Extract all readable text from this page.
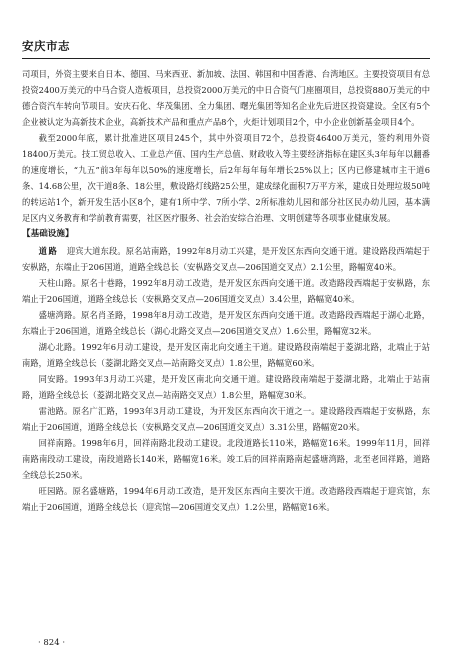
安庆市志

司项目，外资主要来自日本、德国、马来西亚、新加坡、法国、韩国和中国香港、台湾地区。主要投资项目有总投资2400万美元的中马合资人造板项目，总投资2000万美元的中日合资气门座圈项目，总投资880万美元的中德合资汽车转向节项目。安庆石化、华茂集团、全力集团、曙光集团等知名企业先后进区投资建设。全区有5个企业被认定为高新技术企业，高新技术产品和重点产品8个，火炬计划项目2个，中小企业创新基金项目4个。

截至2000年底，累计批准进区项目245个，其中外资项目72个，总投资46400万美元，签约利用外资18400万美元。技工贸总收入、工业总产值、国内生产总值、财政收入等主要经济指标在建区头3年每年以翻番的速度增长，“九五”前3年每年以50%的速度增长，后2年每年每年增长25%以上；区内已修建城市主干道6条、14.68公里，次干道8条、18公里，敷设路灯线路25公里，建成绿化面积7万平方米，建成日处理垃圾50吨的转运站1个，新开发生活小区8个，建有1所中学、7所小学、2所标准幼儿园和部分社区民办幼儿园，基本满足区内义务教育和学前教育需要，社区医疗服务、社会治安综合治理、文明创建等各项事业健康发展。

【基础设施】

道路　 迎宾大道东段。原名站南路，1992年8月动工兴建，是开发区东西向交通干道。建设路段西端起于安枞路，东端止于206国道，道路全线总长（安枞路交叉点—206国道交叉点）2.1公里，路幅宽40米。

天柱山路。原名十巷路，1992年8月动工改造，是开发区东西向交通干道。改造路段西端起于安枞路，东端止于206国道，道路全线总长（安枞路交叉点—206国道交叉点）3.4公里，路幅宽40米。

盛塘湾路。原名肖圣路，1998年8月动工改造，是开发区东西向交通干道。改造路段西端起于湖心北路，东端止于206国道，道路全线总长（湖心北路交叉点—206国道交叉点）1.6公里，路幅宽32米。

湖心北路。1992年6月动工建设，是开发区南北向交通主干道。建设路段南端起于菱湖北路，北端止于站南路，道路全线总长（菱湖北路交叉点—站南路交叉点）1.8公里，路幅宽60米。

同安路。1993年3月动工兴建，是开发区南北向交通干道。建设路段南端起于菱湖北路，北端止于站南路，道路全线总长（菱湖北路交叉点—站南路交叉点）1.8公里，路幅宽30米。

雷池路。原名广汇路，1993年3月动工建设，为开发区东西向次干道之一。建设路段西端起于安枞路，东端止于206国道，道路全线总长（安枞路交叉点—206国道交叉点）3.31公里，路幅宽20米。

回祥南路。1998年6月，回祥南路北段动工建设。北段道路长110米，路幅宽16米。1999年11月，回祥南路南段动工建设，南段道路长140米，路幅宽16米。竣工后的回祥南路南起盛塘湾路，北至老回祥路，道路全线总长250米。

旺园路。原名盛塘路，1994年6月动工改造，是开发区东西向主要次干道。改造路段西端起于迎宾馆，东端止于206国道，道路全线总长（迎宾馆—206国道交叉点）1.2公里，路幅宽16米。

· 824 ·
